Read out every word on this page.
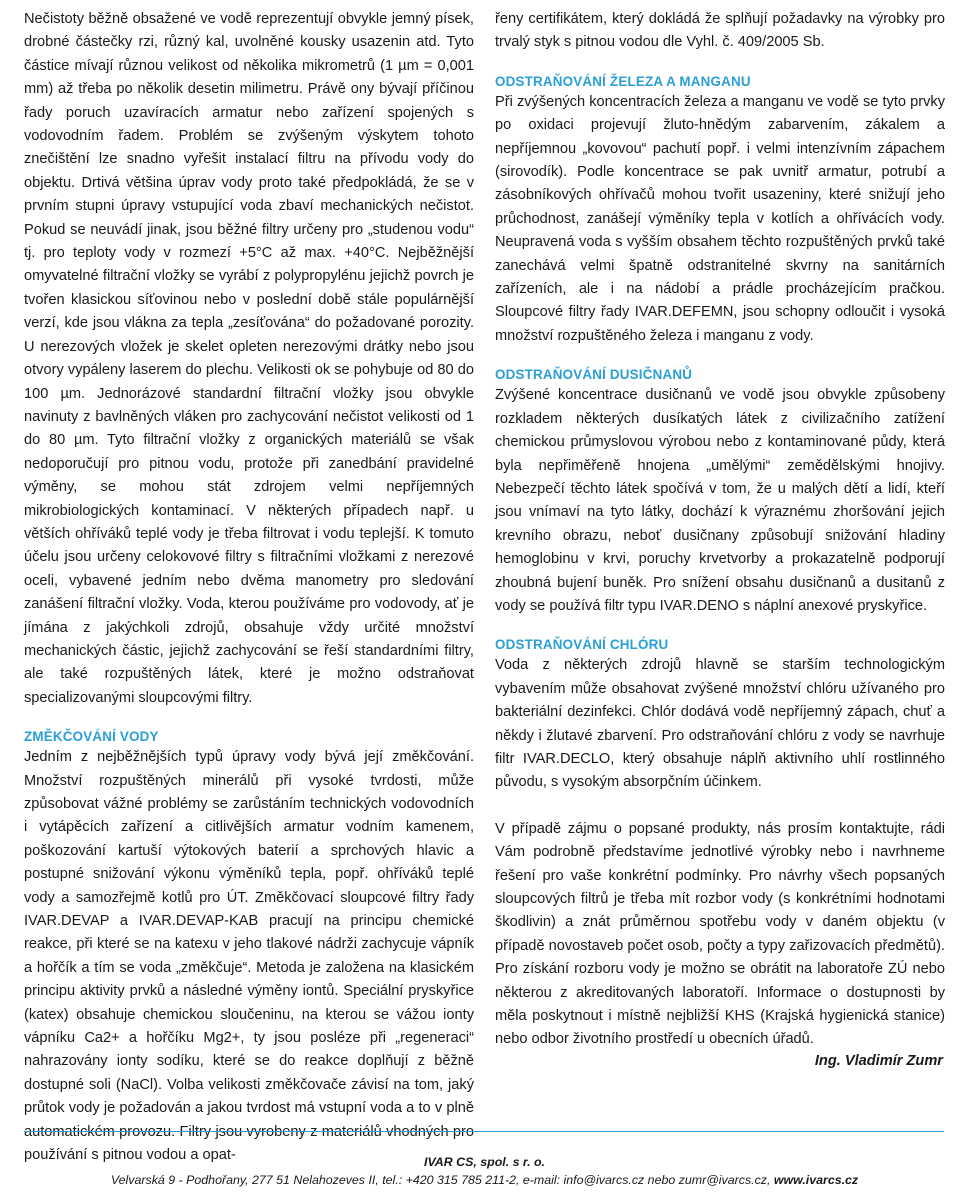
Nečistoty běžně obsažené ve vodě reprezentují obvykle jemný písek, drobné částečky rzi, různý kal, uvolněné kousky usazenin atd. Tyto částice mívají různou velikost od několika mikrometrů (1 µm = 0,001 mm) až třeba po několik desetin milimetru. Právě ony bývají příčinou řady poruch uzavíracích armatur nebo zařízení spojených s vodovodním řadem. Problém se zvýšeným výskytem tohoto znečištění lze snadno vyřešit instalací filtru na přívodu vody do objektu. Drtivá většina úprav vody proto také předpokládá, že se v prvním stupni úpravy vstupující voda zbaví mechanických nečistot. Pokud se neuvádí jinak, jsou běžné filtry určeny pro „studenou vodu“ tj. pro teploty vody v rozmezí +5°C až max. +40°C. Nejběžnější omyvatelné filtrační vložky se vyrábí z polypropylénu jejichž povrch je tvořen klasickou síťovinou nebo v poslední době stále populárnější verzí, kde jsou vlákna za tepla „zesíťována“ do požadované porozity. U nerezových vložek je skelet opleten nerezovými drátky nebo jsou otvory vypáleny laserem do plechu. Velikosti ok se pohybuje od 80 do 100 µm. Jednorázové standardní filtrační vložky jsou obvykle navinuty z bavlněných vláken pro zachycování nečistot velikosti od 1 do 80 µm. Tyto filtrační vložky z organických materiálů se však nedoporučují pro pitnou vodu, protože při zanedbání pravidelné výměny, se mohou stát zdrojem velmi nepříjemných mikrobiologických kontaminací. V některých případech např. u větších ohříváků teplé vody je třeba filtrovat i vodu teplejší. K tomuto účelu jsou určeny celokovové filtry s filtračními vložkami z nerezové oceli, vybavené jedním nebo dvěma manometry pro sledování zanášení filtrační vložky. Voda, kterou používáme pro vodovody, ať je jímána z jakýchkoli zdrojů, obsahuje vždy určité množství mechanických částic, jejichž zachycování se řeší standardními filtry, ale také rozpuštěných látek, které je možno odstraňovat specializovanými sloupcovými filtry.

ZMĚKČOVÁNÍ VODY

Jedním z nejběžnějších typů úpravy vody bývá její změkčování. Množství rozpuštěných minerálů při vysoké tvrdosti, může způsobovat vážné problémy se zarůstáním technických vodovodních i vytápěcích zařízení a citlivějších armatur vodním kamenem, poškozování kartuší výtokových baterií a sprchových hlavic a postupné snižování výkonu výměníků tepla, popř. ohříváků teplé vody a samozřejmě kotlů pro ÚT. Změkčovací sloupcové filtry řady IVAR.DEVAP a IVAR.DEVAP-KAB pracují na principu chemické reakce, při které se na katexu v jeho tlakové nádrži zachycuje vápník a hořčík a tím se voda „změkčuje“. Metoda je založena na klasickém principu aktivity prvků a následné výměny iontů. Speciální pryskyřice (katex) obsahuje chemickou sloučeninu, na kterou se vážou ionty vápníku Ca2+ a hořčíku Mg2+, ty jsou posléze při „regeneraci“ nahrazovány ionty sodíku, které se do reakce doplňují z běžně dostupné soli (NaCl). Volba velikosti změkčovače závisí na tom, jaký průtok vody je požadován a jakou tvrdost má vstupní voda a to v plně automatickém provozu. Filtry jsou vyrobeny z materiálů vhodných pro používání s pitnou vodou a opat-

řeny certifikátem, který dokládá že splňují požadavky na výrobky pro trvalý styk s pitnou vodou dle Vyhl. č. 409/2005 Sb.

ODSTRAŇOVÁNÍ ŽELEZA A MANGANU

Při zvýšených koncentracích železa a manganu ve vodě se tyto prvky po oxidaci projevují žluto-hnědým zabarvením, zákalem a nepříjemnou „kovovou“ pachutí popř. i velmi intenzívním zápachem (sirovodík). Podle koncentrace se pak uvnitř armatur, potrubí a zásobníkových ohřívačů mohou tvořit usazeniny, které snižují jeho průchodnost, zanášejí výměníky tepla v kotlích a ohřívácích vody. Neupravená voda s vyšším obsahem těchto rozpuštěných prvků také zanechává velmi špatně odstranitelné skvrny na sanitárních zařízeních, ale i na nádobí a prádle procházejícím pračkou. Sloupcové filtry řady IVAR.DEFEMN, jsou schopny odloučit i vysoká množství rozpuštěného železa i manganu z vody.

ODSTRAŇOVÁNÍ DUSIČNANŮ

Zvýšené koncentrace dusičnanů ve vodě jsou obvykle způsobeny rozkladem některých dusíkatých látek z civilizačního zatížení chemickou průmyslovou výrobou nebo z kontaminované půdy, která byla nepřiměřeně hnojena „umělými“ zemědělskými hnojivy. Nebezpečí těchto látek spočívá v tom, že u malých dětí a lidí, kteří jsou vnímaví na tyto látky, dochází k výraznému zhoršování jejich krevního obrazu, neboť dusičnany způsobují snižování hladiny hemoglobinu v krvi, poruchy krvetvorby a prokazatelně podporují zhoubná bujení buněk. Pro snížení obsahu dusičnanů a dusitanů z vody se používá filtr typu IVAR.DENO s náplní anexové pryskyřice.

ODSTRAŇOVÁNÍ CHLÓRU

Voda z některých zdrojů hlavně se starším technologickým vybavením může obsahovat zvýšené množství chlóru užívaného pro bakteriální dezinfekci. Chlór dodává vodě nepříjemný zápach, chuť a někdy i žlutavé zbarvení. Pro odstraňování chlóru z vody se navrhuje filtr IVAR.DECLO, který obsahuje náplň aktivního uhlí rostlinného původu, s vysokým absorpčním účinkem.

V případě zájmu o popsané produkty, nás prosím kontaktujte, rádi Vám podrobně představíme jednotlivé výrobky nebo i navrhneme řešení pro vaše konkrétní podmínky. Pro návrhy všech popsaných sloupcových filtrů je třeba mít rozbor vody (s konkrétními hodnotami škodlivin) a znát průměrnou spotřebu vody v daném objektu (v případě novostaveb počet osob, počty a typy zařizovacích předmětů). Pro získání rozboru vody je možno se obrátit na laboratoře ZÚ nebo některou z akreditovaných laboratoří. Informace o dostupnosti by měla poskytnout i místně nejbližší KHS (Krajská hygienická stanice) nebo odbor životního prostředí u obecních úřadů.

Ing. Vladimír Zumr

IVAR CS, spol. s r. o.
Velvarská 9 - Podhořany, 277 51 Nelahozeves II, tel.: +420 315 785 211-2, e-mail: info@ivarcs.cz nebo zumr@ivarcs.cz, www.ivarcs.cz
